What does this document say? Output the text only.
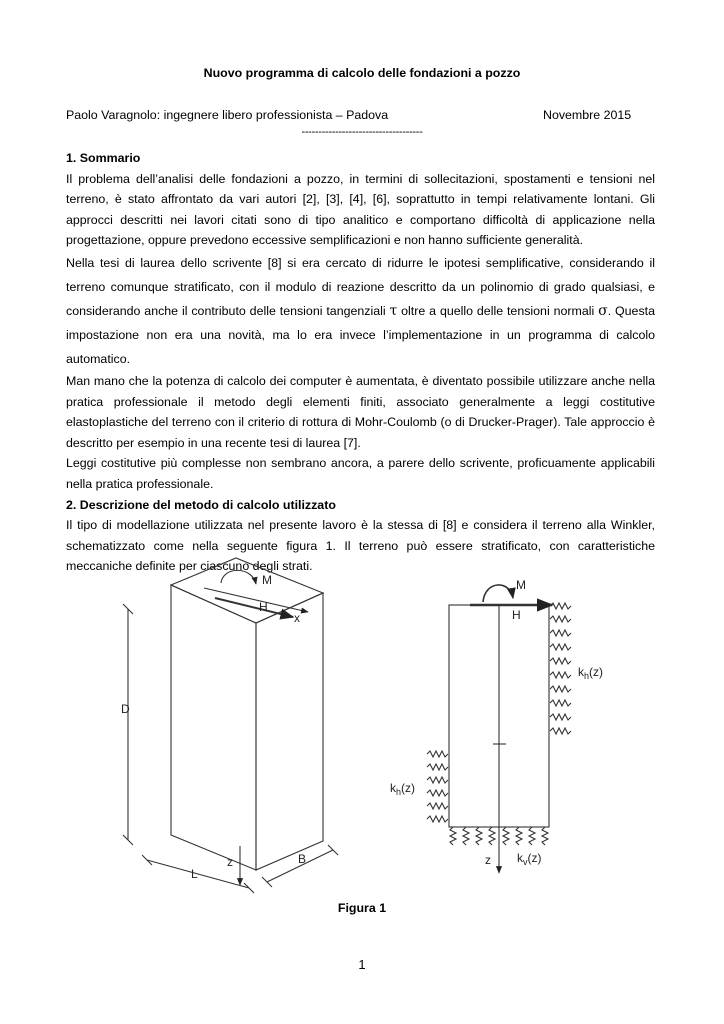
Nuovo programma di calcolo delle fondazioni a pozzo
Paolo Varagnolo: ingegnere libero professionista – Padova	Novembre 2015
------------------------------------
1. Sommario

Il problema dell’analisi delle fondazioni a pozzo, in termini di sollecitazioni, spostamenti e tensioni nel terreno, è stato affrontato da vari autori [2], [3], [4], [6], soprattutto in tempi relativamente lontani. Gli approcci descritti nei lavori citati sono di tipo analitico e comportano difficoltà di applicazione nella progettazione, oppure prevedono eccessive semplificazioni e non hanno sufficiente generalità.

Nella tesi di laurea dello scrivente [8] si era cercato di ridurre le ipotesi semplificative, considerando il terreno comunque stratificato, con il modulo di reazione descritto da un polinomio di grado qualsiasi, e considerando anche il contributo delle tensioni tangenziali τ oltre a quello delle tensioni normali σ. Questa impostazione non era una novità, ma lo era invece l’implementazione in un programma di calcolo automatico.

Man mano che la potenza di calcolo dei computer è aumentata, è diventato possibile utilizzare anche nella pratica professionale il metodo degli elementi finiti, associato generalmente a leggi costitutive elastoplastiche del terreno con il criterio di rottura di Mohr-Coulomb (o di Drucker-Prager). Tale approccio è descritto per esempio in una recente tesi di laurea [7].

Leggi costitutive più complesse non sembrano ancora, a parere dello scrivente, proficuamente applicabili nella pratica professionale.

2. Descrizione del metodo di calcolo utilizzato

Il tipo di modellazione utilizzata nel presente lavoro è la stessa di [8] e considera il terreno alla Winkler, schematizzato come nella seguente figura 1. Il terreno può essere stratificato, con caratteristiche meccaniche definite per ciascuno degli strati.

M
H
x
D
z
L
B
M
H
$k_h(z)$
$k_h(z)$
$k_v(z)$
z
Figura 1
1
